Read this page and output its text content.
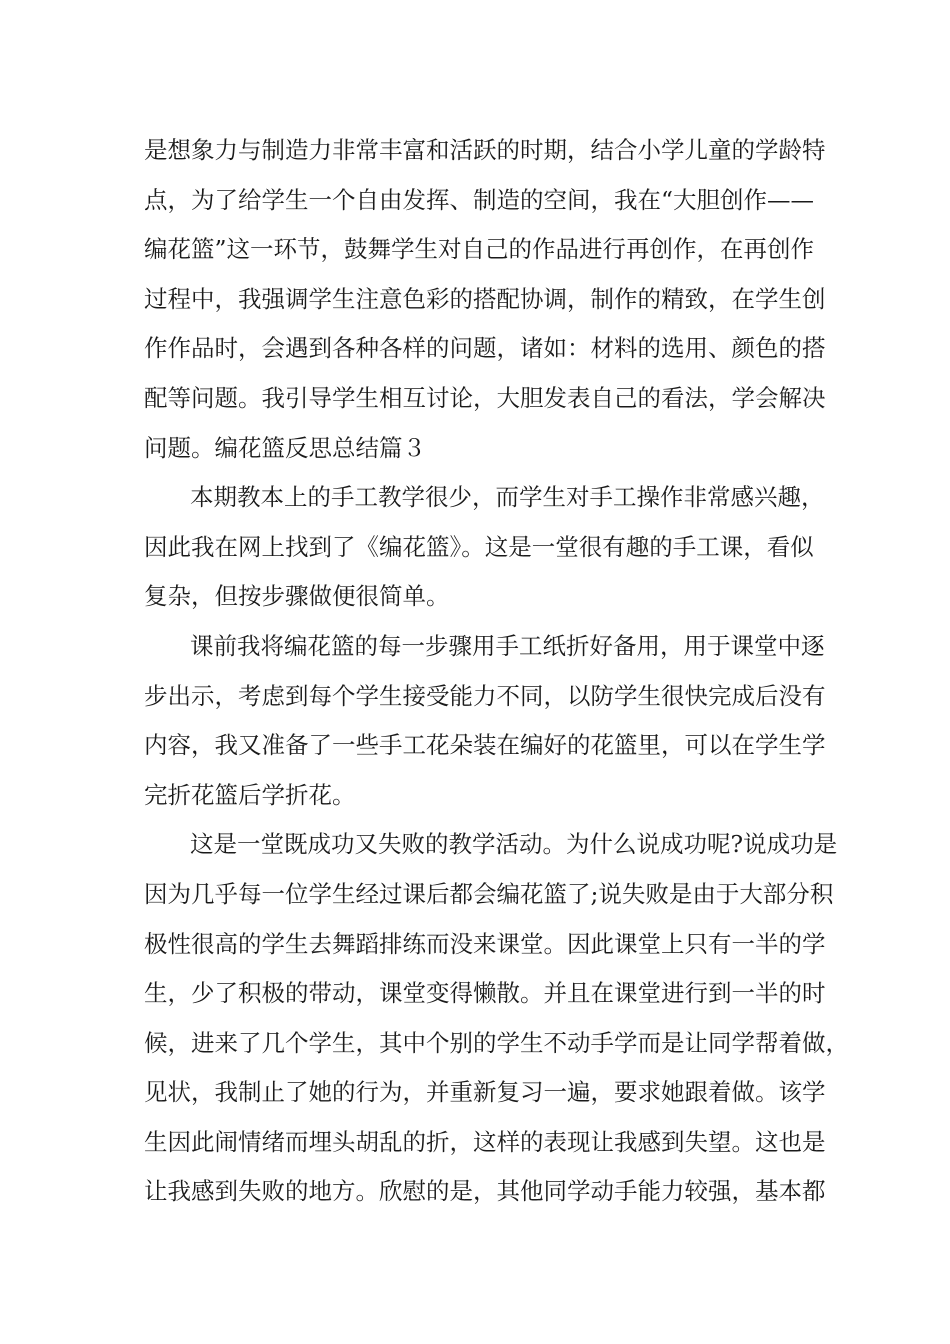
是想象力与制造力非常丰富和活跃的时期，结合小学儿童的学龄特
点，为了给学生一个自由发挥、制造的空间，我在“大胆创作——
编花篮”这一环节，鼓舞学生对自己的作品进行再创作，在再创作
过程中，我强调学生注意色彩的搭配协调，制作的精致，在学生创
作作品时，会遇到各种各样的问题，诸如：材料的选用、颜色的搭
配等问题。我引导学生相互讨论，大胆发表自己的看法，学会解决
问题。编花篮反思总结篇３
本期教本上的手工教学很少，而学生对手工操作非常感兴趣，
因此我在网上找到了《编花篮》。这是一堂很有趣的手工课，看似
复杂，但按步骤做便很简单。
课前我将编花篮的每一步骤用手工纸折好备用，用于课堂中逐
步出示，考虑到每个学生接受能力不同，以防学生很快完成后没有
内容，我又准备了一些手工花朵装在编好的花篮里，可以在学生学
完折花篮后学折花。
这是一堂既成功又失败的教学活动。为什么说成功呢?说成功是
因为几乎每一位学生经过课后都会编花篮了;说失败是由于大部分积
极性很高的学生去舞蹈排练而没来课堂。因此课堂上只有一半的学
生，少了积极的带动，课堂变得懒散。并且在课堂进行到一半的时
候，进来了几个学生，其中个别的学生不动手学而是让同学帮着做，
见状，我制止了她的行为，并重新复习一遍，要求她跟着做。该学
生因此闹情绪而埋头胡乱的折，这样的表现让我感到失望。这也是
让我感到失败的地方。欣慰的是，其他同学动手能力较强，基本都
